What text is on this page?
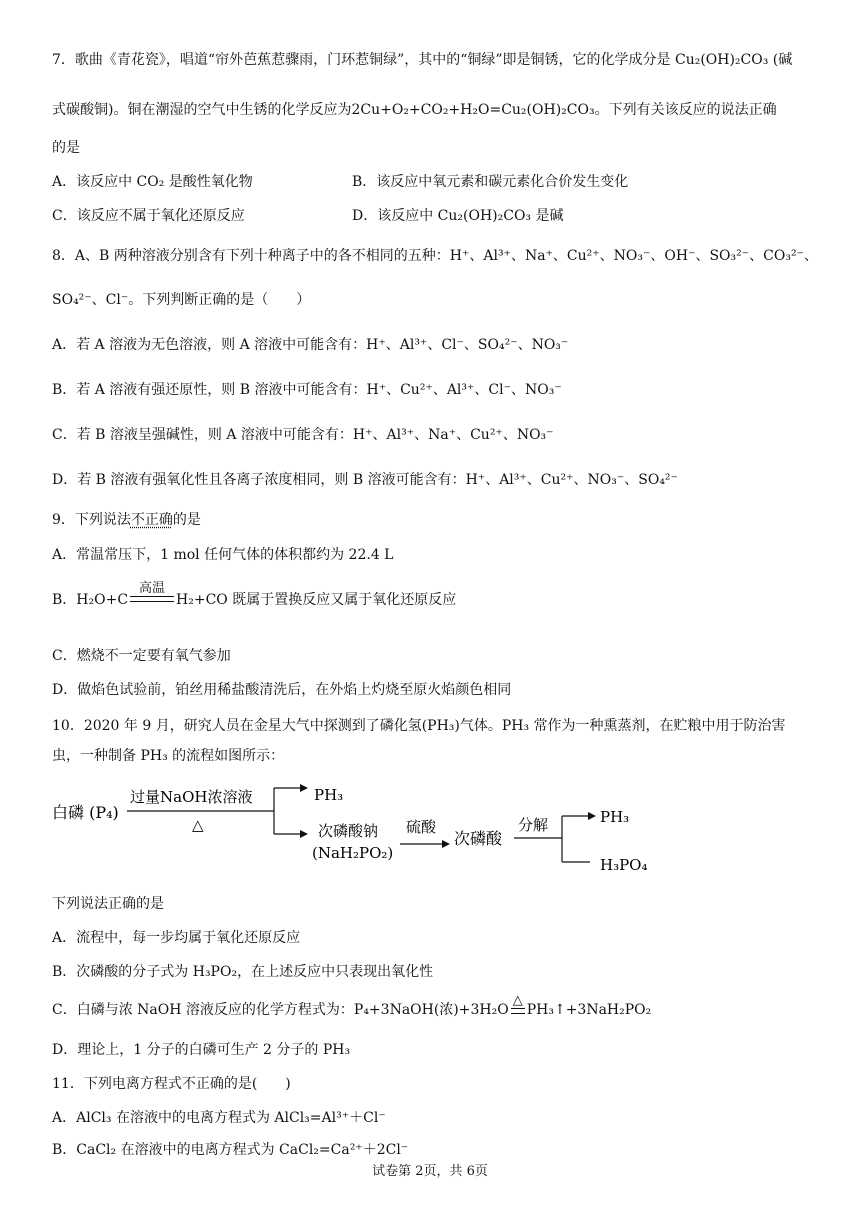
7．歌曲《青花瓷》，唱道“帘外芭蕉惹骤雨，门环惹铜绿”，其中的“铜绿”即是铜锈，它的化学成分是 Cu₂(OH)₂CO₃ (碱
式碳酸铜)。铜在潮湿的空气中生锈的化学反应为2Cu+O₂+CO₂+H₂O=Cu₂(OH)₂CO₃。下列有关该反应的说法正确
的是
A．该反应中 CO₂ 是酸性氧化物	B．该反应中氧元素和碳元素化合价发生变化
C．该反应不属于氧化还原反应	D．该反应中 Cu₂(OH)₂CO₃ 是碱
8．A、B 两种溶液分别含有下列十种离子中的各不相同的五种：H⁺、Al³⁺、Na⁺、Cu²⁺、NO₃⁻、OH⁻、SO₃²⁻、CO₃²⁻、
SO₄²⁻、Cl⁻。下列判断正确的是（　　）
A．若 A 溶液为无色溶液，则 A 溶液中可能含有：H⁺、Al³⁺、Cl⁻、SO₄²⁻、NO₃⁻
B．若 A 溶液有强还原性，则 B 溶液中可能含有：H⁺、Cu²⁺、Al³⁺、Cl⁻、NO₃⁻
C．若 B 溶液呈强碱性，则 A 溶液中可能含有：H⁺、Al³⁺、Na⁺、Cu²⁺、NO₃⁻
D．若 B 溶液有强氧化性且各离子浓度相同，则 B 溶液可能含有：H⁺、Al³⁺、Cu²⁺、NO₃⁻、SO₄²⁻
9．下列说法不正确的是
A．常温常压下，1 mol 任何气体的体积都约为 22.4 L
B．H₂O+C
高温
H₂+CO 既属于置换反应又属于氧化还原反应
C．燃烧不一定要有氧气参加
D．做焰色试验前，铂丝用稀盐酸清洗后，在外焰上灼烧至原火焰颜色相同
10．2020 年 9 月，研究人员在金星大气中探测到了磷化氢(PH₃)气体。PH₃ 常作为一种熏蒸剂，在贮粮中用于防治害
虫，一种制备 PH₃ 的流程如图所示：
白磷 (P₄)
过量NaOH浓溶液
△
PH₃
次磷酸钠
(NaH₂PO₂)
硫酸
次磷酸
分解	PH₃
H₃PO₄
下列说法正确的是
A．流程中，每一步均属于氧化还原反应
B．次磷酸的分子式为 H₃PO₂，在上述反应中只表现出氧化性
C．白磷与浓 NaOH 溶液反应的化学方程式为：P₄+3NaOH(浓)+3H₂O
△
PH₃↑+3NaH₂PO₂
D．理论上，1 分子的白磷可生产 2 分子的 PH₃
11．下列电离方程式不正确的是(　　)
A．AlCl₃ 在溶液中的电离方程式为 AlCl₃=Al³⁺＋Cl⁻
B．CaCl₂ 在溶液中的电离方程式为 CaCl₂=Ca²⁺＋2Cl⁻
试卷第 2页，共 6页
